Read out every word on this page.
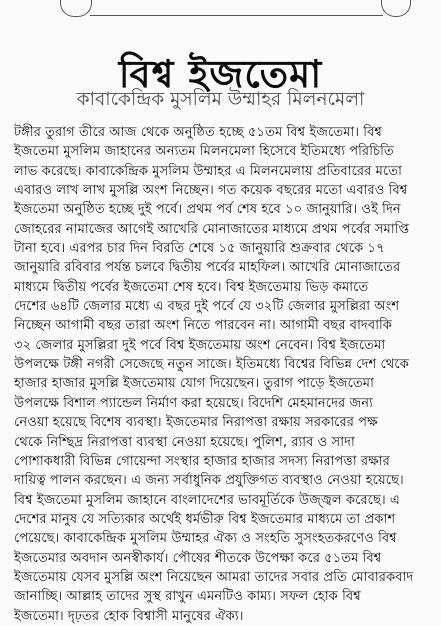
বিশ্ব ইজতেমা
কাবাকেন্দ্রিক মুসলিম উম্মাহর মিলনমেলা
টঙ্গীর তুরাগ তীরে আজ থেকে অনুষ্ঠিত হচ্ছে ৫১তম বিশ্ব ইজতেমা। বিশ্ব
ইজতেমা মুসলিম জাহানের অন্যতম মিলনমেলা হিসেবে ইতিমধ্যে পরিচিতি
লাভ করেছে। কাবাকেন্দ্রিক মুসলিম উম্মাহর এ মিলনমেলায় প্রতিবারের মতো
এবারও লাখ লাখ মুসল্লি অংশ নিচ্ছেন। গত কয়েক বছরের মতো এবারও বিশ্ব
ইজতেমা অনুষ্ঠিত হচ্ছে দুই পর্বে। প্রথম পর্ব শেষ হবে ১০ জানুয়ারি। ওই দিন
জোহরের নামাজের আগেই আখেরি মোনাজাতের মাধ্যমে প্রথম পর্বের সমাপ্তি
টানা হবে। এরপর চার দিন বিরতি শেষে ১৫ জানুয়ারি শুক্রবার থেকে ১৭
জানুয়ারি রবিবার পর্যন্ত চলবে দ্বিতীয় পর্বের মাহফিল। আখেরি মোনাজাতের
মাধ্যমে দ্বিতীয় পর্বের ইজতেমা শেষ হবে। বিশ্ব ইজতেমায় ভিড় কমাতে
দেশের ৬৪টি জেলার মধ্যে এ বছর দুই পর্বে যে ৩২টি জেলার মুসল্লিরা অংশ
নিচ্ছেন আগামী বছর তারা অংশ নিতে পারবেন না। আগামী বছর বাদবাকি
৩২ জেলার মুসল্লিরা দুই পর্বে বিশ্ব ইজতেমায় অংশ নেবেন। বিশ্ব ইজতেমা
উপলক্ষে টঙ্গী নগরী সেজেছে নতুন সাজে। ইতিমধ্যে বিশ্বের বিভিন্ন দেশ থেকে
হাজার হাজার মুসল্লি ইজতেমায় যোগ দিয়েছেন। তুরাগ পাড়ে ইজতেমা
উপলক্ষে বিশাল প্যান্ডেল নির্মাণ করা হয়েছে। বিদেশি মেহমানদের জন্য
নেওয়া হয়েছে বিশেষ ব্যবস্থা। ইজতেমার নিরাপত্তা রক্ষায় সরকারের পক্ষ
থেকে নিশ্ছিদ্র নিরাপত্তা ব্যবস্থা নেওয়া হয়েছে। পুলিশ, র‍্যাব ও সাদা
পোশাকধারী বিভিন্ন গোয়েন্দা সংস্থার হাজার হাজার সদস্য নিরাপত্তা রক্ষার
দায়িত্ব পালন করছেন। এ জন্য সর্বাধুনিক প্রযুক্তিগত ব্যবস্থাও নেওয়া হয়েছে।
বিশ্ব ইজতেমা মুসলিম জাহানে বাংলাদেশের ভাবমূর্তিকে উজ্জ্বল করেছে। এ
দেশের মানুষ যে সত্যিকার অর্থেই ধর্মভীরু বিশ্ব ইজতেমার মাধ্যমে তা প্রকাশ
পেয়েছে। কাবাকেন্দ্রিক মুসলিম উম্মাহর ঐক্য ও সংহতি সুসংহতকরণেও বিশ্ব
ইজতেমার অবদান অনস্বীকার্য। পৌষের শীতকে উপেক্ষা করে ৫১তম বিশ্ব
ইজতেমায় যেসব মুসল্লি অংশ নিয়েছেন আমরা তাদের সবার প্রতি মোবারকবাদ
জানাচ্ছি। আল্লাহ তাদের সুস্থ রাখুন এমনটিও কাম্য। সফল হোক বিশ্ব
ইজতেমা। দৃঢ়তর হোক বিশ্বাসী মানুষের ঐক্য।
